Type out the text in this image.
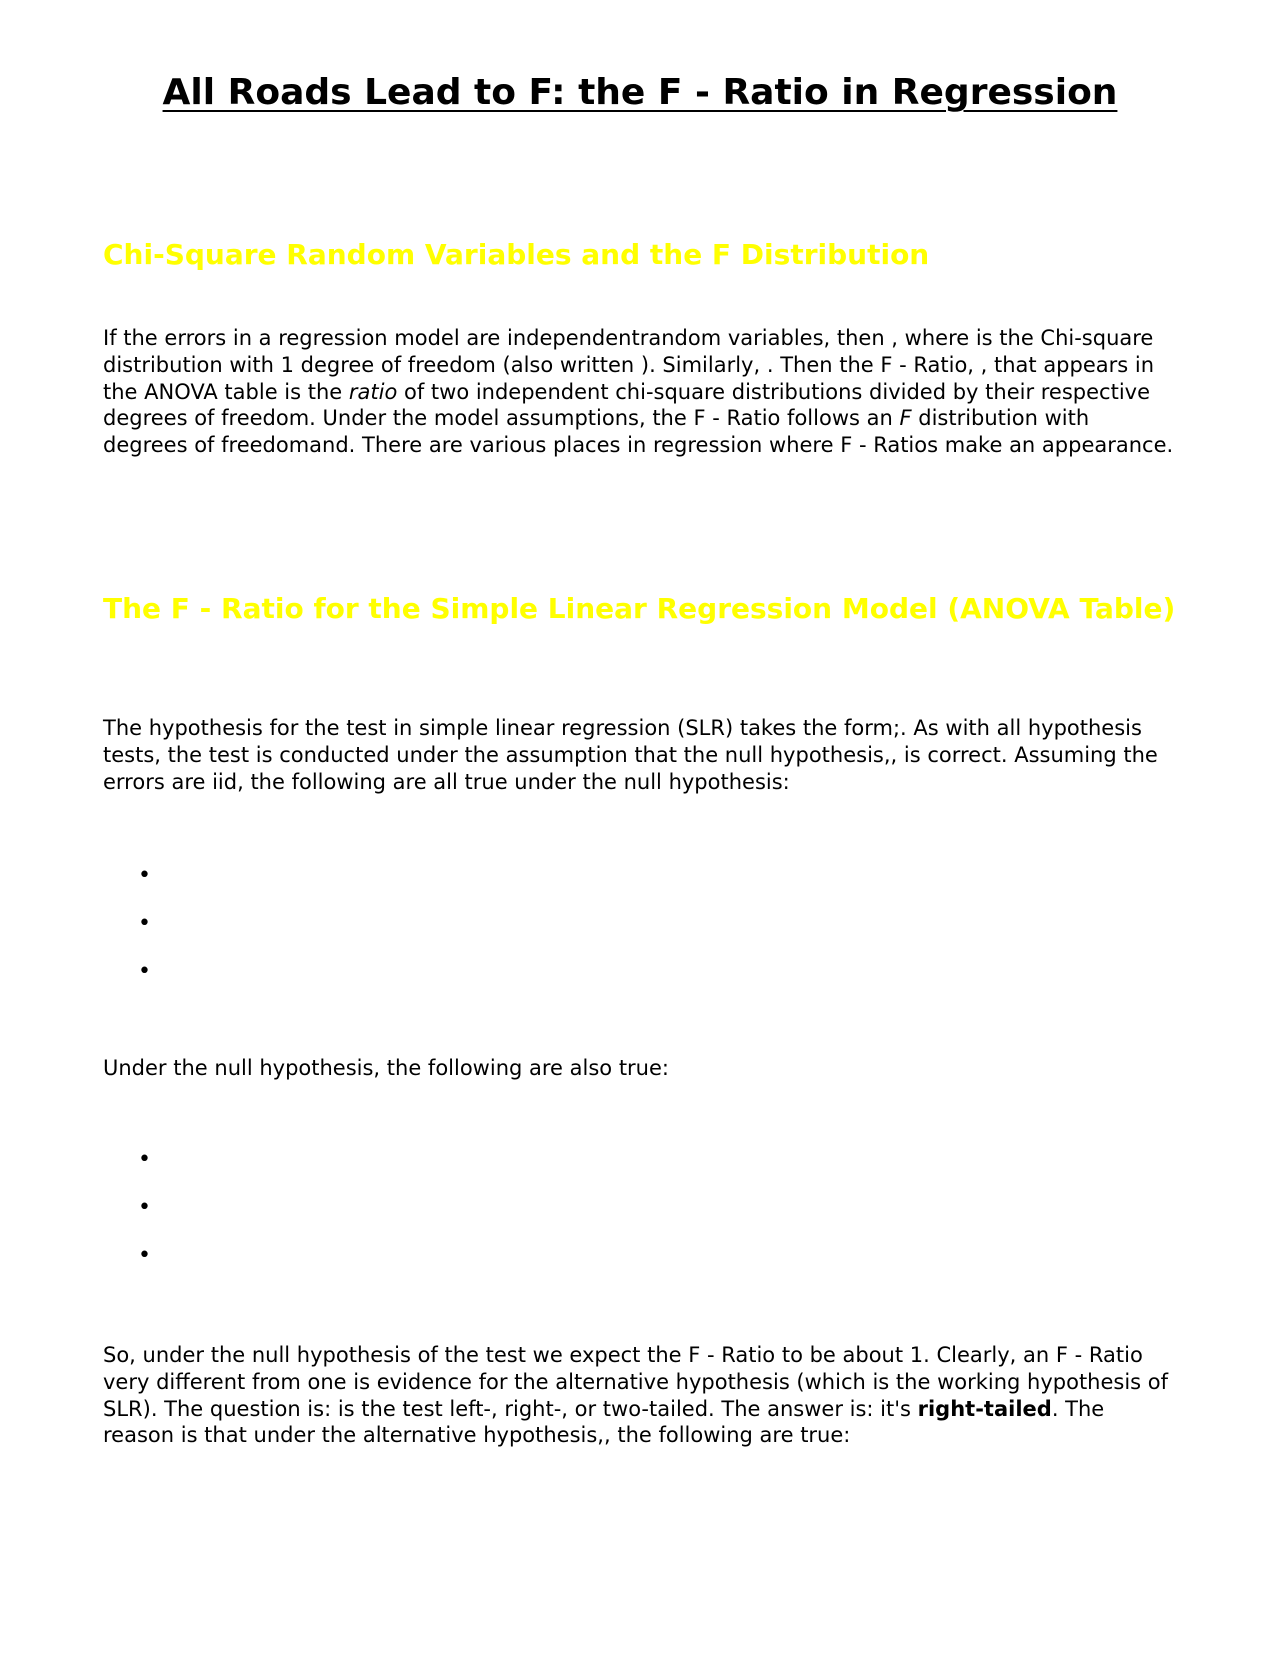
All Roads Lead to F: the F - Ratio in Regression
Chi-Square Random Variables and the F Distribution

If the errors in a regression model are independentrandom variables, then , where is the Chi-square distribution with 1 degree of freedom (also written ). Similarly, . Then the F - Ratio, , that appears in the ANOVA table is the ratio of two independent chi-square distributions divided by their respective degrees of freedom. Under the model assumptions, the F - Ratio follows an F distribution with degrees of freedomand. There are various places in regression where F - Ratios make an appearance.

The F - Ratio for the Simple Linear Regression Model (ANOVA Table)

The hypothesis for the test in simple linear regression (SLR) takes the form;. As with all hypothesis tests, the test is conducted under the assumption that the null hypothesis,, is correct. Assuming the errors are iid, the following are all true under the null hypothesis:

•
•
•

Under the null hypothesis, the following are also true:

•
•
•

So, under the null hypothesis of the test we expect the F - Ratio to be about 1. Clearly, an F - Ratio very different from one is evidence for the alternative hypothesis (which is the working hypothesis of SLR). The question is: is the test left-, right-, or two-tailed. The answer is: it's right-tailed. The reason is that under the alternative hypothesis,, the following are true:
